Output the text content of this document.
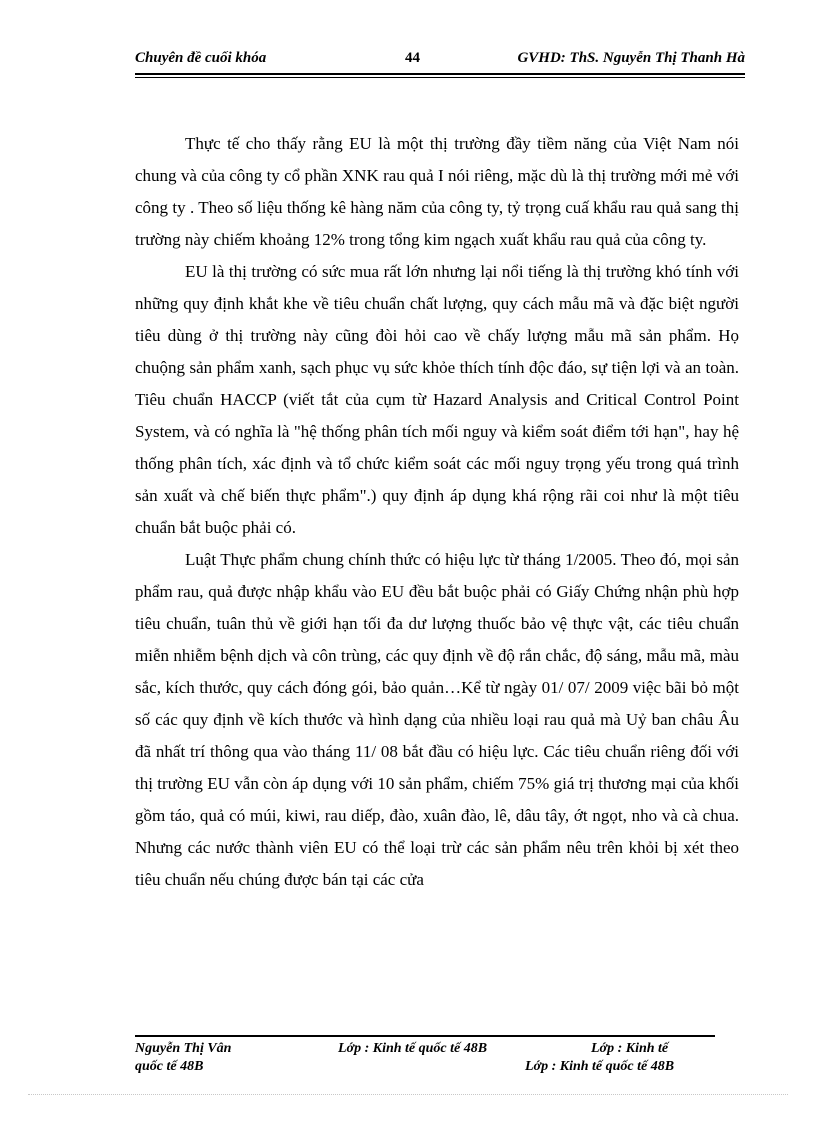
Chuyên đề cuối khóa	44	GVHD: ThS. Nguyễn Thị Thanh Hà

Thực tế cho thấy rằng EU là một thị trường đầy tiềm năng của Việt Nam nói chung và của công ty cổ phần XNK rau quả I nói riêng, mặc dù là thị trường mới mẻ với công ty . Theo số liệu thống kê hàng năm của công ty, tỷ trọng cuấ khẩu rau quả sang thị trường này chiếm khoảng 12% trong tổng kim ngạch xuất khẩu rau quả của công ty.

EU là thị trường có sức mua rất lớn nhưng lại nổi tiếng là thị trường khó tính với những quy định khắt khe về tiêu chuẩn chất lượng, quy cách mẫu mã và đặc biệt người tiêu dùng ở thị trường này cũng đòi hỏi cao về chấy lượng mẫu mã sản phẩm. Họ chuộng sản phẩm xanh, sạch phục vụ sức khỏe thích tính độc đáo, sự tiện lợi và an toàn. Tiêu chuẩn HACCP (viết tắt của cụm từ Hazard Analysis and Critical Control Point System, và có nghĩa là "hệ thống phân tích mối nguy và kiểm soát điểm tới hạn", hay hệ thống phân tích, xác định và tổ chức kiểm soát các mối nguy trọng yếu trong quá trình sản xuất và chế biến thực phẩm".) quy định áp dụng khá rộng rãi coi như là một tiêu chuẩn bắt buộc phải có.

Luật Thực phẩm chung chính thức có hiệu lực từ tháng 1/2005. Theo đó, mọi sản phẩm rau, quả được nhập khẩu vào EU đều bắt buộc phải có Giấy Chứng nhận phù hợp tiêu chuẩn, tuân thủ về giới hạn tối đa dư lượng thuốc bảo vệ thực vật, các tiêu chuẩn miễn nhiễm bệnh dịch và côn trùng, các quy định về độ rắn chắc, độ sáng, mẫu mã, màu sắc, kích thước, quy cách đóng gói, bảo quản…Kể từ ngày 01/ 07/ 2009 việc bãi bỏ một số các quy định về kích thước và hình dạng của nhiều loại rau quả mà Uỷ ban châu Âu đã nhất trí thông qua vào tháng 11/ 08 bắt đầu có hiệu lực. Các tiêu chuẩn riêng đối với thị trường EU vẫn còn áp dụng với 10 sản phẩm, chiếm 75% giá trị thương mại của khối gồm táo, quả có múi, kiwi, rau diếp, đào, xuân đào, lê, dâu tây, ớt ngọt, nho và cà chua. Nhưng các nước thành viên EU có thể loại trừ các sản phẩm nêu trên khỏi bị xét theo tiêu chuẩn nếu chúng được bán tại các cửa

Nguyễn Thị Vân	Lớp : Kinh tế quốc tế 48B	Lớp : Kinh tế
quốc tế 48B	Lớp : Kinh tế quốc tế 48B
